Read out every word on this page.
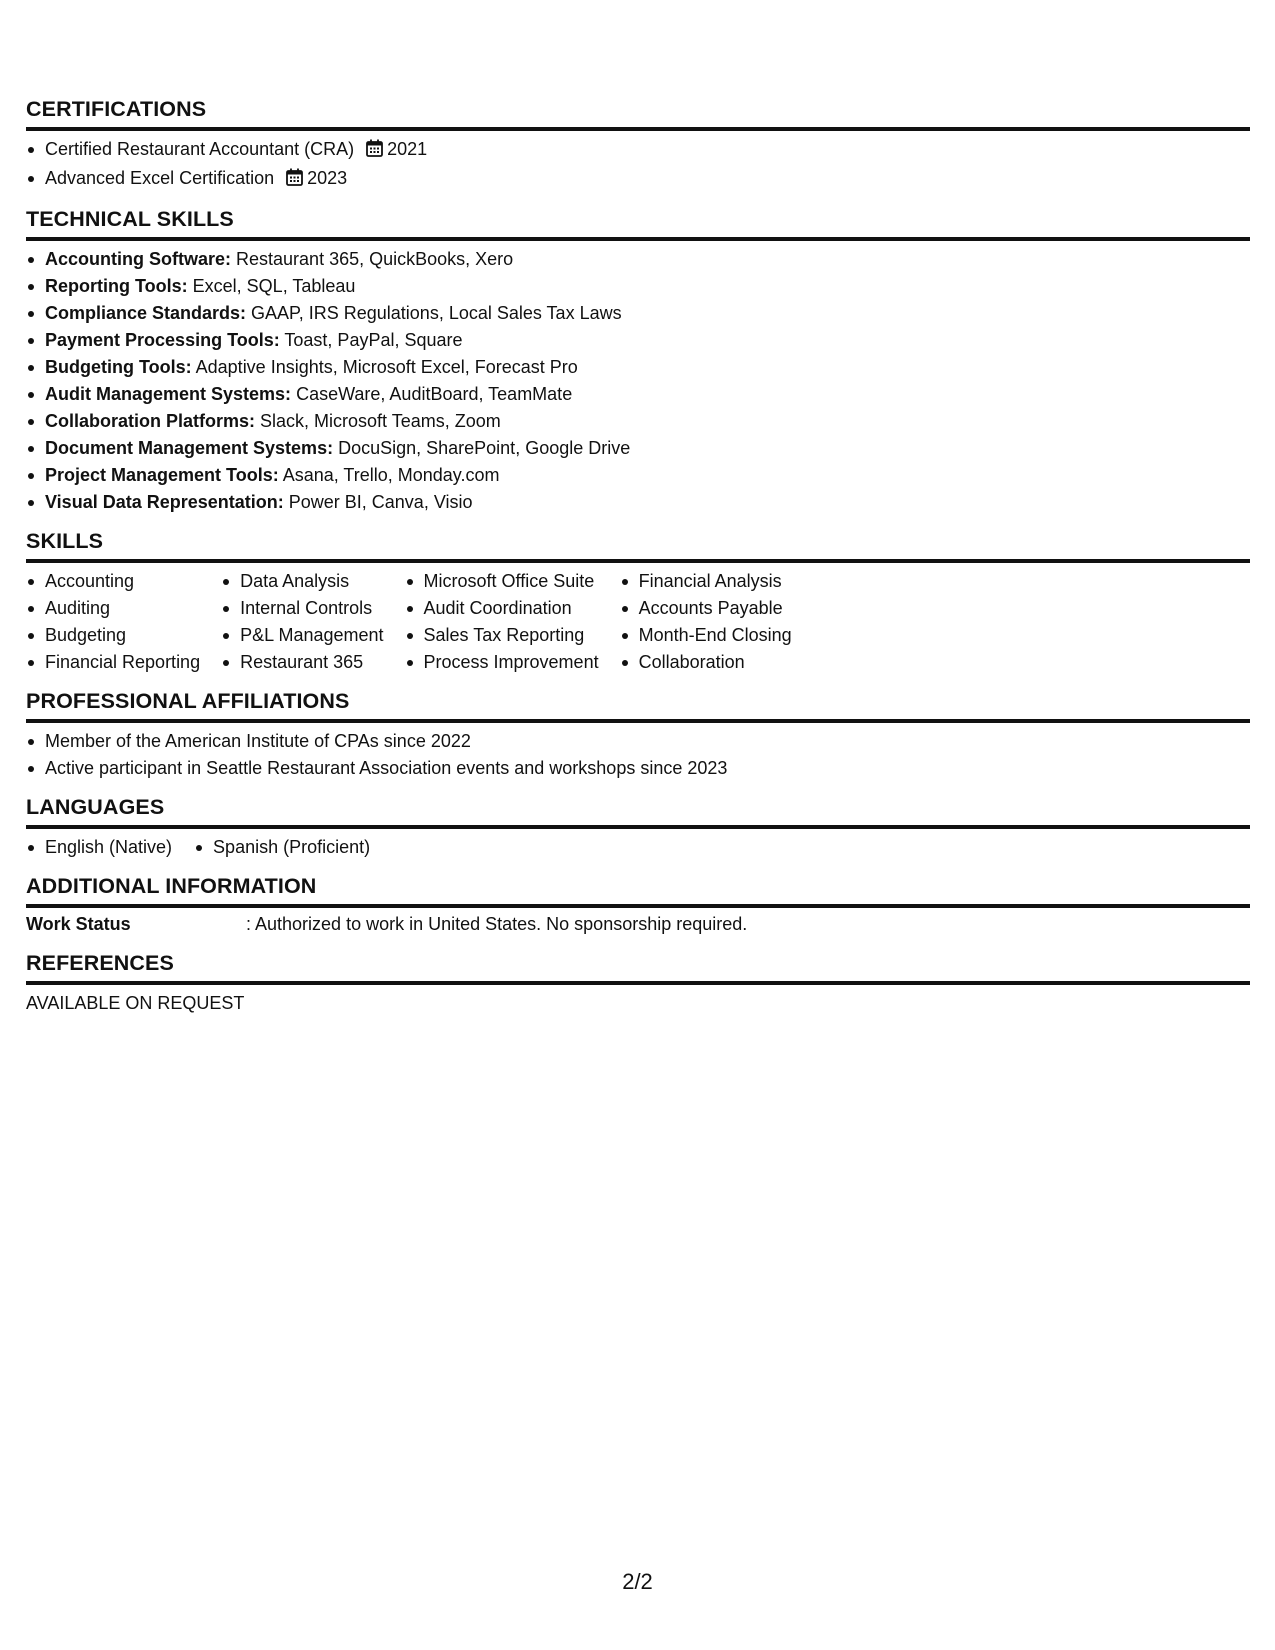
CERTIFICATIONS
Certified Restaurant Accountant (CRA) 2021
Advanced Excel Certification 2023
TECHNICAL SKILLS
Accounting Software: Restaurant 365, QuickBooks, Xero
Reporting Tools: Excel, SQL, Tableau
Compliance Standards: GAAP, IRS Regulations, Local Sales Tax Laws
Payment Processing Tools: Toast, PayPal, Square
Budgeting Tools: Adaptive Insights, Microsoft Excel, Forecast Pro
Audit Management Systems: CaseWare, AuditBoard, TeamMate
Collaboration Platforms: Slack, Microsoft Teams, Zoom
Document Management Systems: DocuSign, SharePoint, Google Drive
Project Management Tools: Asana, Trello, Monday.com
Visual Data Representation: Power BI, Canva, Visio
SKILLS
Accounting
Auditing
Budgeting
Financial Reporting
Data Analysis
Internal Controls
P&L Management
Restaurant 365
Microsoft Office Suite
Audit Coordination
Sales Tax Reporting
Process Improvement
Financial Analysis
Accounts Payable
Month-End Closing
Collaboration
PROFESSIONAL AFFILIATIONS
Member of the American Institute of CPAs since 2022
Active participant in Seattle Restaurant Association events and workshops since 2023
LANGUAGES
English (Native)	Spanish (Proficient)
ADDITIONAL INFORMATION
Work Status	: Authorized to work in United States. No sponsorship required.
REFERENCES
AVAILABLE ON REQUEST
2/2
